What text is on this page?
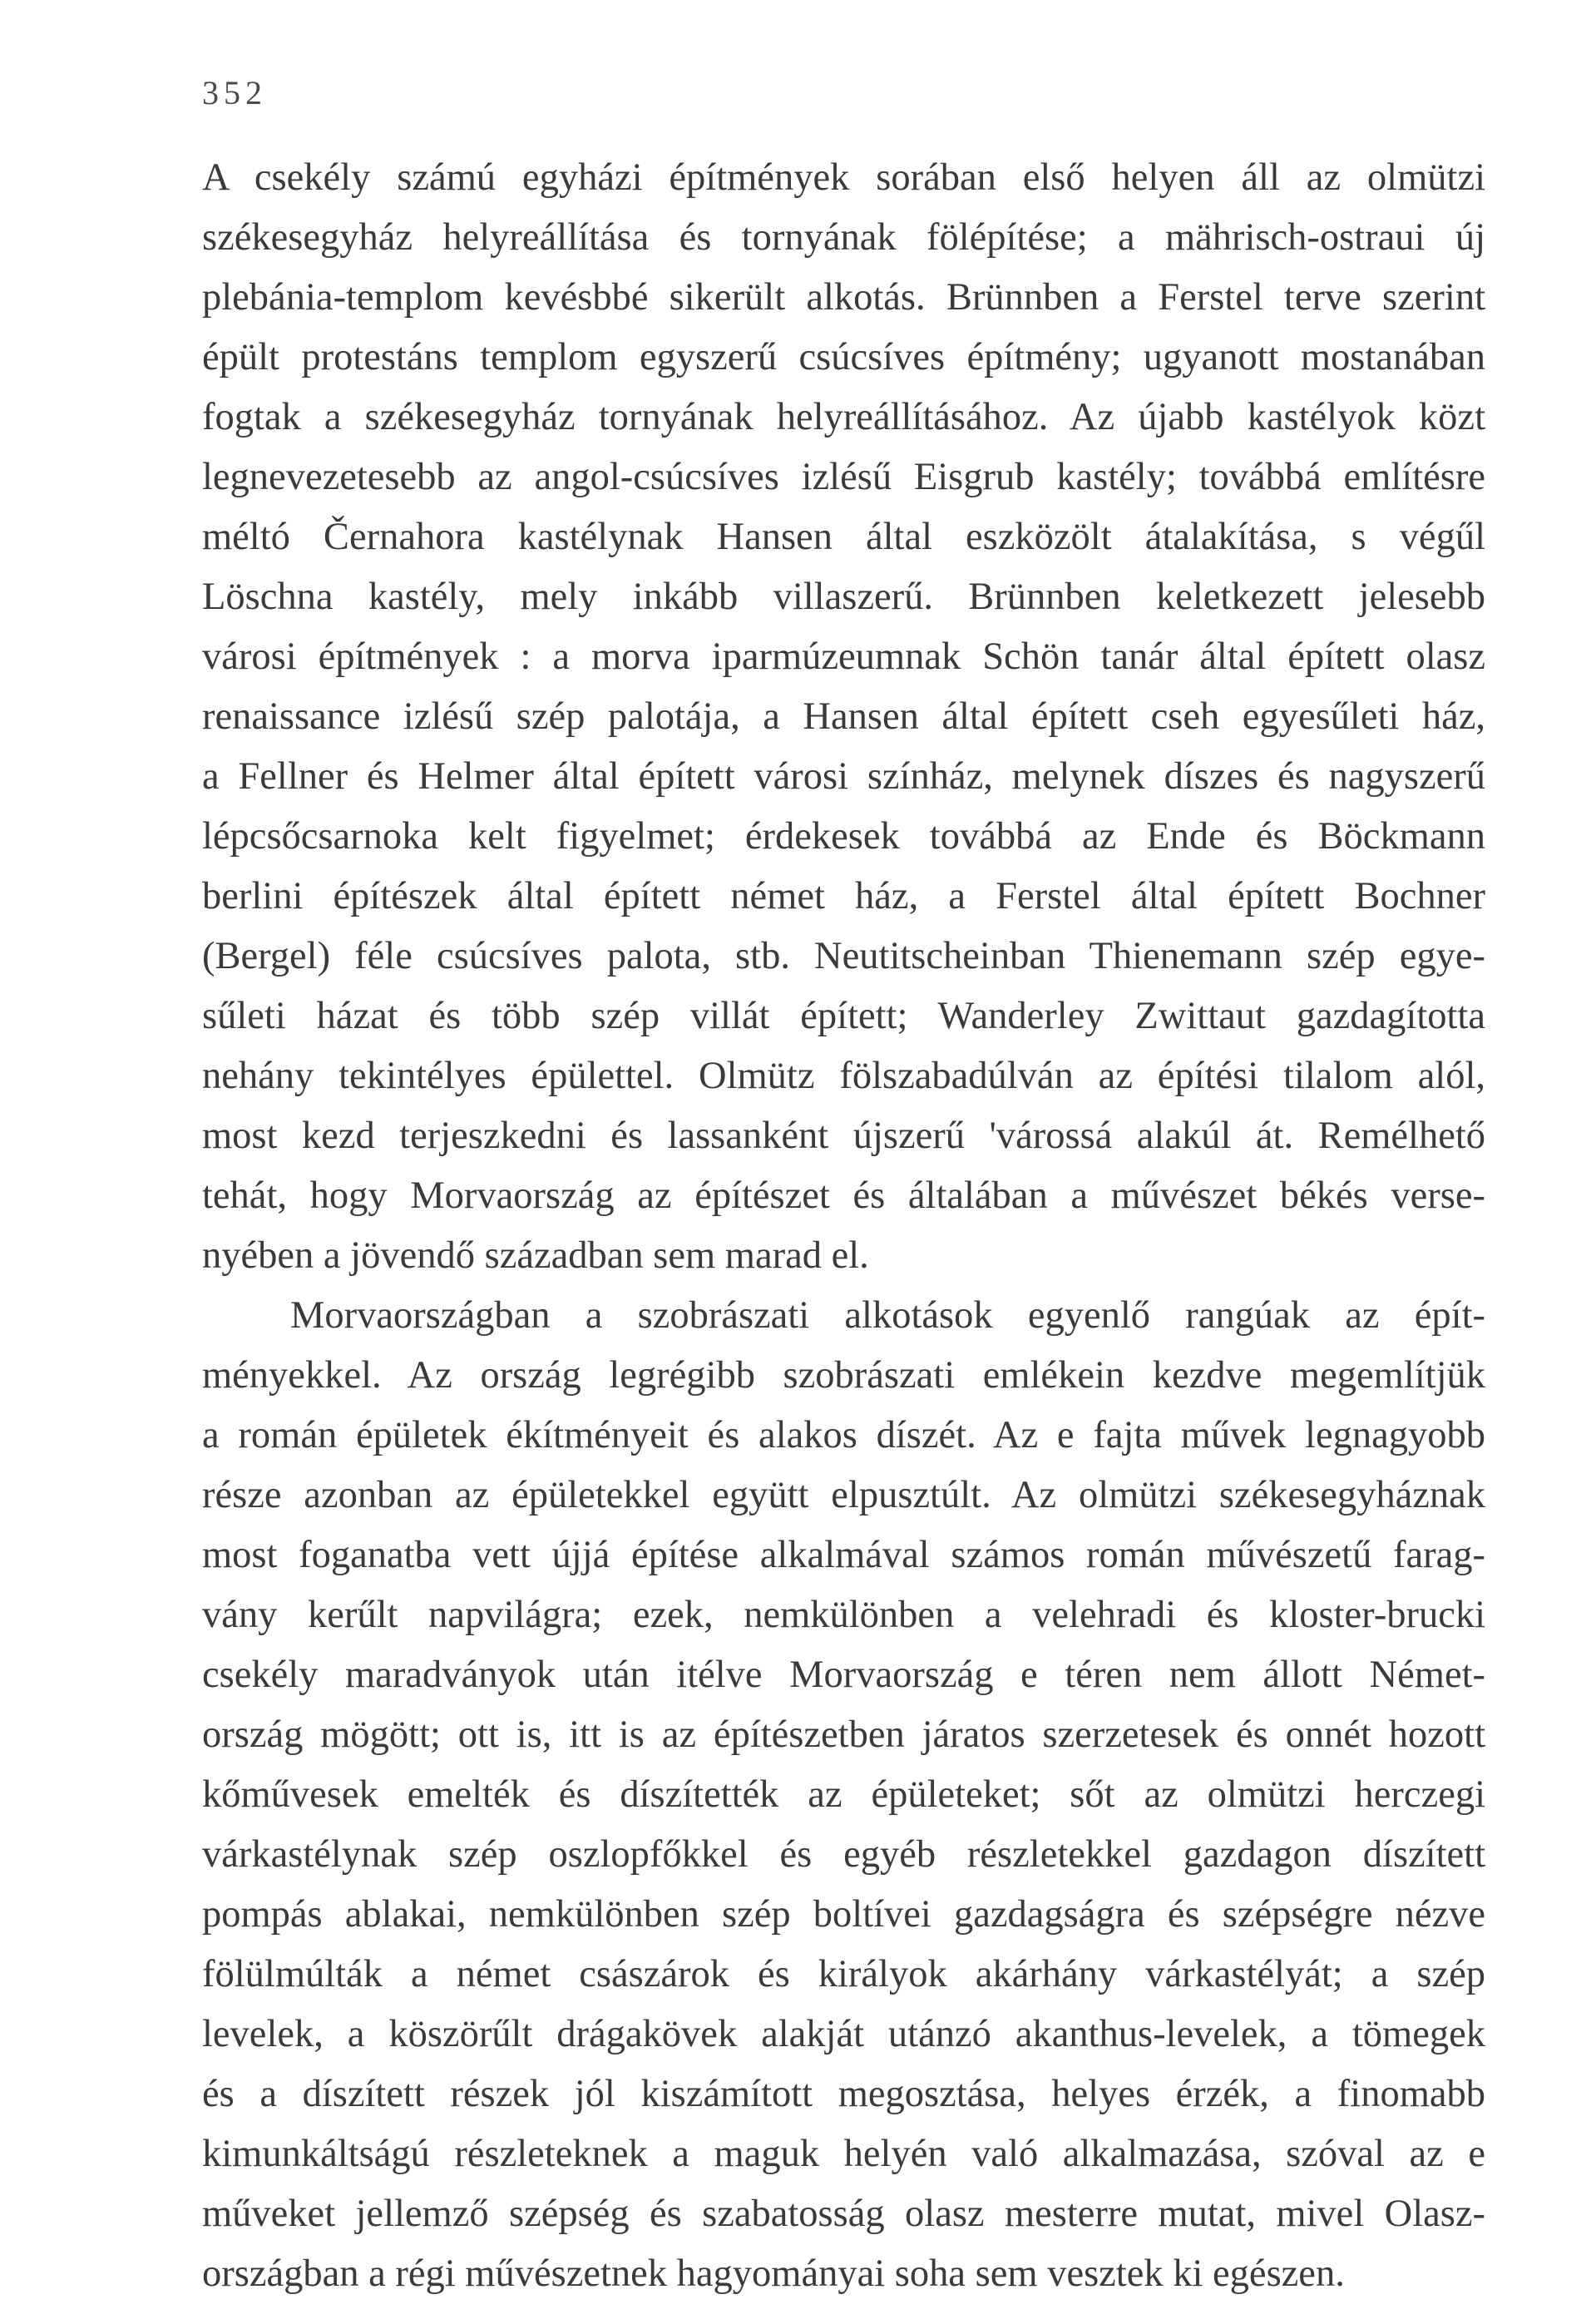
352
A csekély számú egyházi építmények sorában első helyen áll az olmützi
székesegyház helyreállítása és tornyának fölépítése; a mährisch-ostraui új
plebánia-templom kevésbbé sikerült alkotás. Brünnben a Ferstel terve szerint
épült protestáns templom egyszerű csúcsíves építmény; ugyanott mostanában
fogtak a székesegyház tornyának helyreállításához. Az újabb kastélyok közt
legnevezetesebb az angol-csúcsíves izlésű Eisgrub kastély; továbbá említésre
méltó Černahora kastélynak Hansen által eszközölt átalakítása, s végűl
Löschna kastély, mely inkább villaszerű. Brünnben keletkezett jelesebb
városi építmények : a morva iparmúzeumnak Schön tanár által épített olasz
renaissance izlésű szép palotája, a Hansen által épített cseh egyesűleti ház,
a Fellner és Helmer által épített városi színház, melynek díszes és nagyszerű
lépcsőcsarnoka kelt figyelmet; érdekesek továbbá az Ende és Böckmann
berlini építészek által épített német ház, a Ferstel által épített Bochner
(Bergel) féle csúcsíves palota, stb. Neutitscheinban Thienemann szép egye-
sűleti házat és több szép villát épített; Wanderley Zwittaut gazdagította
nehány tekintélyes épülettel. Olmütz fölszabadúlván az építési tilalom alól,
most kezd terjeszkedni és lassanként újszerű 'várossá alakúl át. Remélhető
tehát, hogy Morvaország az építészet és általában a művészet békés verse-
nyében a jövendő században sem marad el.
Morvaországban a szobrászati alkotások egyenlő rangúak az épít-
ményekkel. Az ország legrégibb szobrászati emlékein kezdve megemlítjük
a román épületek ékítményeit és alakos díszét. Az e fajta művek legnagyobb
része azonban az épületekkel együtt elpusztúlt. Az olmützi székesegyháznak
most foganatba vett újjá építése alkalmával számos román művészetű farag-
vány kerűlt napvilágra; ezek, nemkülönben a velehradi és kloster-brucki
csekély maradványok után itélve Morvaország e téren nem állott Német-
ország mögött; ott is, itt is az építészetben járatos szerzetesek és onnét hozott
kőművesek emelték és díszítették az épületeket; sőt az olmützi herczegi
várkastélynak szép oszlopfőkkel és egyéb részletekkel gazdagon díszített
pompás ablakai, nemkülönben szép boltívei gazdagságra és szépségre nézve
fölülmúlták a német császárok és királyok akárhány várkastélyát; a szép
levelek, a köszörűlt drágakövek alakját utánzó akanthus-levelek, a tömegek
és a díszített részek jól kiszámított megosztása, helyes érzék, a finomabb
kimunkáltságú részleteknek a maguk helyén való alkalmazása, szóval az e
műveket jellemző szépség és szabatosság olasz mesterre mutat, mivel Olasz-
országban a régi művészetnek hagyományai soha sem vesztek ki egészen.
